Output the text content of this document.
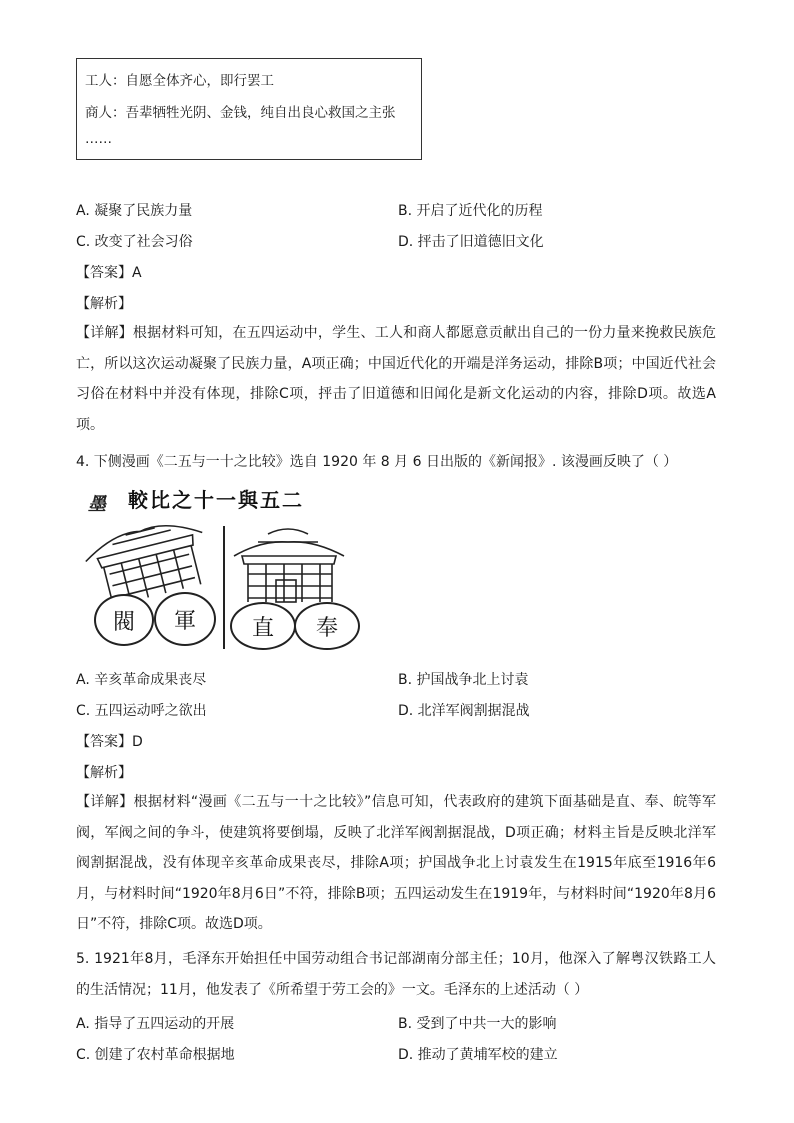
工人：自愿全体齐心，即行罢工
商人：吾辈牺牲光阴、金钱，纯自出良心救国之主张
……
A. 凝聚了民族力量	B. 开启了近代化的历程
C. 改变了社会习俗	D. 抨击了旧道德旧文化
【答案】A
【解析】
【详解】根据材料可知，在五四运动中，学生、工人和商人都愿意贡献出自己的一份力量来挽救民族危亡，所以这次运动凝聚了民族力量，A项正确；中国近代化的开端是洋务运动，排除B项；中国近代社会习俗在材料中并没有体现，排除C项，抨击了旧道德和旧闻化是新文化运动的内容，排除D项。故选A项。
4. 下侧漫画《二五与一十之比较》选自 1920 年 8 月 6 日出版的《新闻报》. 该漫画反映了（ ）
墨	較比之十一與五二
閥	軍	直	奉
A. 辛亥革命成果丧尽	B. 护国战争北上讨袁
C. 五四运动呼之欲出	D. 北洋军阀割据混战
【答案】D
【解析】
【详解】根据材料“漫画《二五与一十之比较》”信息可知，代表政府的建筑下面基础是直、奉、皖等军阀，军阀之间的争斗，使建筑将要倒塌，反映了北洋军阀割据混战，D项正确；材料主旨是反映北洋军阀割据混战，没有体现辛亥革命成果丧尽，排除A项；护国战争北上讨袁发生在1915年底至1916年6月，与材料时间“1920年8月6日”不符，排除B项；五四运动发生在1919年，与材料时间“1920年8月6日”不符，排除C项。故选D项。
5. 1921年8月，毛泽东开始担任中国劳动组合书记部湖南分部主任；10月，他深入了解粤汉铁路工人的生活情况；11月，他发表了《所希望于劳工会的》一文。毛泽东的上述活动（ ）
A. 指导了五四运动的开展	B. 受到了中共一大的影响
C. 创建了农村革命根据地	D. 推动了黄埔军校的建立
